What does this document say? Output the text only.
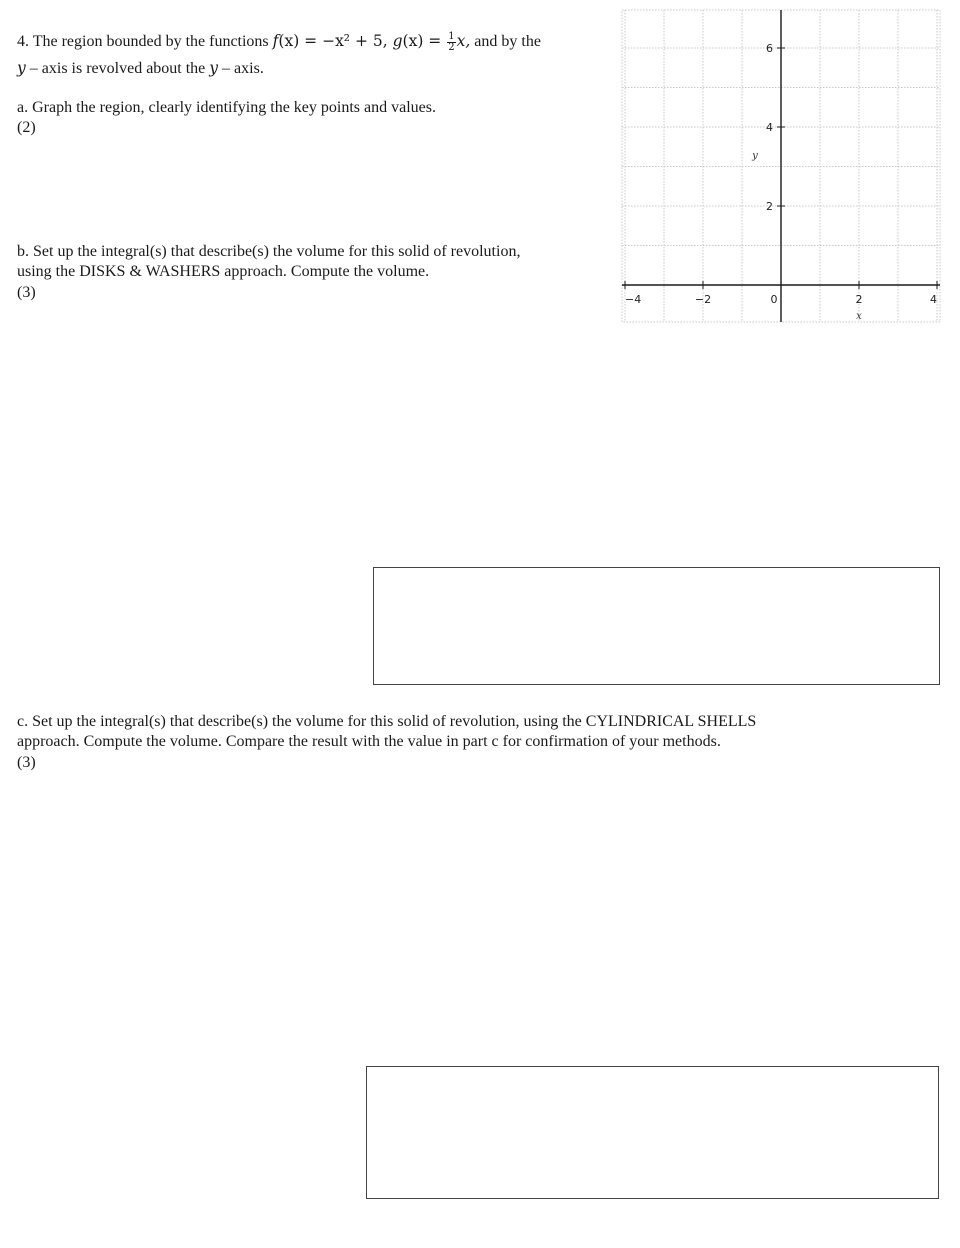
4. The region bounded by the functions f(x) = −x² + 5, $g(x) = \frac{1}{2} x$, and by the

y – axis is revolved about the y – axis.

a. Graph the region, clearly identifying the key points and values.

(2)

b. Set up the integral(s) that describe(s) the volume for this solid of revolution,

using the DISKS & WASHERS approach. Compute the volume.

(3)

c. Set up the integral(s) that describe(s) the volume for this solid of revolution, using the CYLINDRICAL SHELLS

approach. Compute the volume. Compare the result with the value in part c for confirmation of your methods.

(3)

−4	−2	0	2	4
2
4
6
x
y
